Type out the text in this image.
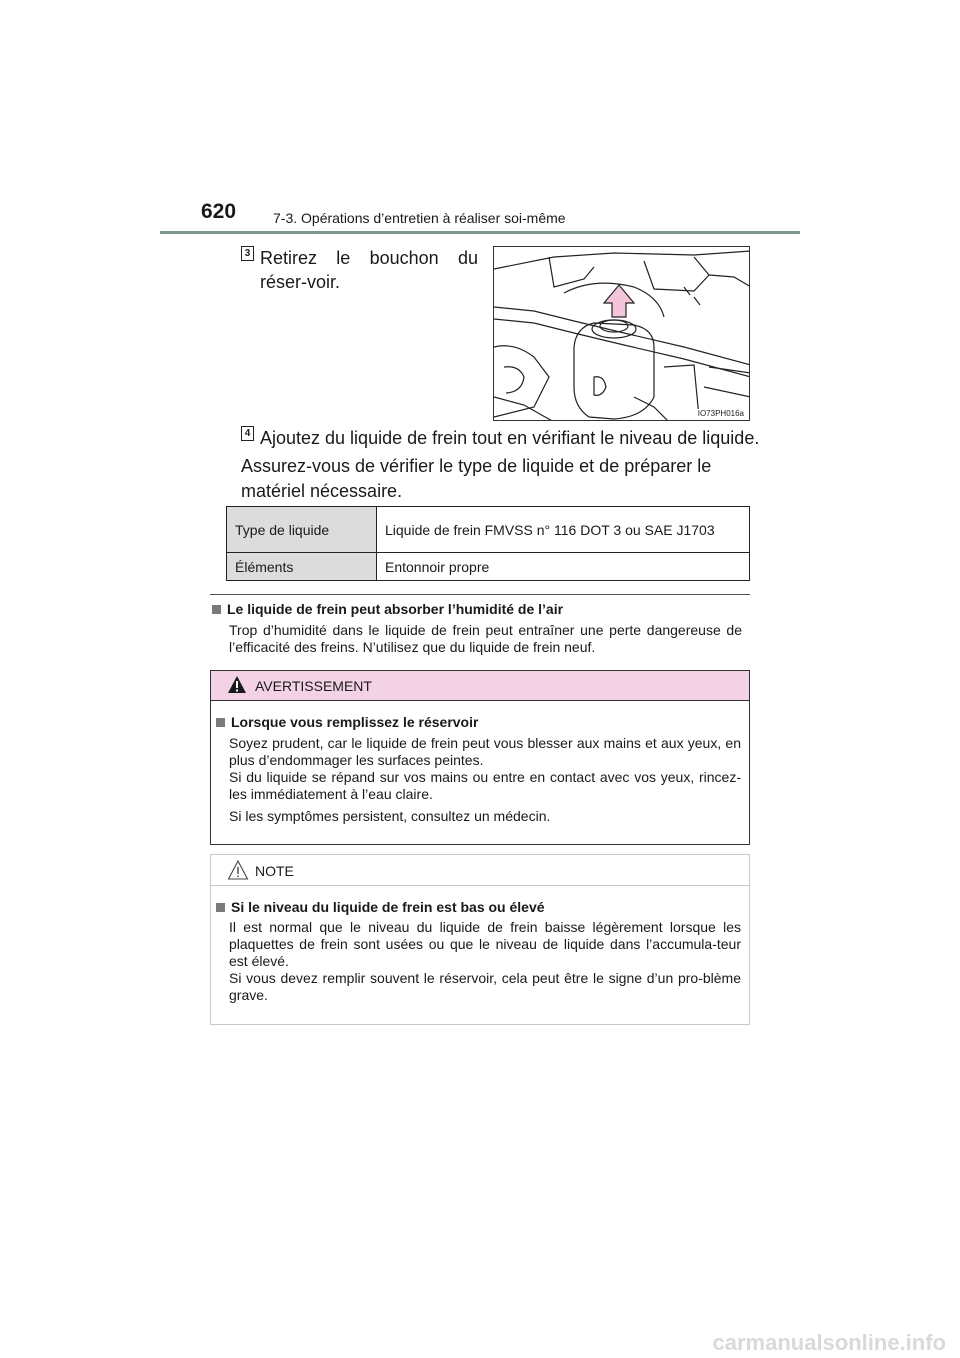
620	7-3. Opérations d’entretien à réaliser soi-même
3 Retirez le bouchon du réser-voir.
IO73PH016a
4 Ajoutez du liquide de frein tout en vérifiant le niveau de liquide.
Assurez-vous de vérifier le type de liquide et de préparer le matériel nécessaire.
Type de liquide	Liquide de frein FMVSS n° 116 DOT 3 ou SAE J1703
Éléments	Entonnoir propre
Le liquide de frein peut absorber l’humidité de l’air
Trop d’humidité dans le liquide de frein peut entraîner une perte dangereuse de l’efficacité des freins. N’utilisez que du liquide de frein neuf.
AVERTISSEMENT
Lorsque vous remplissez le réservoir

Soyez prudent, car le liquide de frein peut vous blesser aux mains et aux yeux, en plus d’endommager les surfaces peintes.
Si du liquide se répand sur vos mains ou entre en contact avec vos yeux, rincez-les immédiatement à l’eau claire.

Si les symptômes persistent, consultez un médecin.

NOTE
Si le niveau du liquide de frein est bas ou élevé
Il est normal que le niveau du liquide de frein baisse légèrement lorsque les plaquettes de frein sont usées ou que le niveau de liquide dans l’accumula-teur est élevé.
Si vous devez remplir souvent le réservoir, cela peut être le signe d’un pro-blème grave.
carmanualsonline.info
